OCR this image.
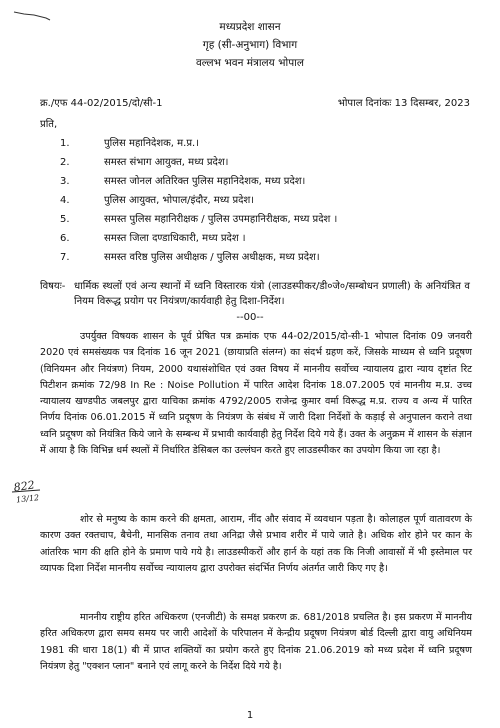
मध्यप्रदेश शासन
गृह (सी-अनुभाग) विभाग
वल्लभ भवन मंत्रालय भोपाल
क्र./एफ 44-02/2015/दो/सी-1	भोपाल दिनांकः 13 दिसम्बर, 2023
प्रति,
1.	पुलिस महानिदेशक, म.प्र.।
2.	समस्त संभाग आयुक्त, मध्य प्रदेश।
3.	समस्त जोनल अतिरिक्त पुलिस महानिदेशक, मध्य प्रदेश।
4.	पुलिस आयुक्त, भोपाल/इंदौर, मध्य प्रदेश।
5.	समस्त पुलिस महानिरीक्षक / पुलिस उपमहानिरीक्षक, मध्य प्रदेश ।
6.	समस्त जिला दण्डाधिकारी, मध्य प्रदेश ।
7.	समस्त वरिष्ठ पुलिस अधीक्षक / पुलिस अधीक्षक, मध्य प्रदेश।
विषयः- धार्मिक स्थलों एवं अन्य स्थानों में ध्वनि विस्तारक यंत्रो (लाउडस्पीकर/डी०जे०/सम्बोधन प्रणाली) के अनियंत्रित व नियम विरूद्ध प्रयोग पर नियंत्रण/कार्यवाही हेतु दिशा-निर्देश।
--00--
उपर्युक्त विषयक शासन के पूर्व प्रेषित पत्र क्रमांक एफ 44-02/2015/दो-सी-1 भोपाल दिनांक 09 जनवरी 2020 एवं समसंख्यक पत्र दिनांक 16 जून 2021 (छायाप्रति संलग्न) का संदर्भ ग्रहण करें, जिसके माध्यम से ध्वनि प्रदूषण (विनियमन और नियंत्रण) नियम, 2000 यथासंशोधित एवं उक्त विषय में माननीय सर्वोच्च न्यायालय द्वारा न्याय दृष्टांत रिट पिटीशन क्रमांक 72/98 In Re : Noise Pollution में पारित आदेश दिनांक 18.07.2005 एवं माननीय म.प्र. उच्च न्यायालय खण्डपीठ जबलपुर द्वारा याचिका क्रमांक 4792/2005 राजेन्द्र कुमार वर्मा विरूद्ध म.प्र. राज्य व अन्य में पारित निर्णय दिनांक 06.01.2015 में ध्वनि प्रदूषण के नियंत्रण के संबंध में जारी दिशा निर्देशों के कड़ाई से अनुपालन कराने तथा ध्वनि प्रदूषण को नियंत्रित किये जाने के सम्बन्ध में प्रभावी कार्यवाही हेतु निर्देश दिये गये हैं। उक्त के अनुक्रम में शासन के संज्ञान में आया है कि विभिन्न धर्म स्थलों में निर्धारित डेसिबल का उल्लंघन करते हुए लाउडस्पीकर का उपयोग किया जा रहा है।
822
13/12
शोर से मनुष्य के काम करने की क्षमता, आराम, नींद और संवाद में व्यवधान पड़ता है। कोलाहल पूर्ण वातावरण के कारण उक्त रक्तचाप, बैचेनी, मानसिक तनाव तथा अनिद्रा जैसे प्रभाव शरीर में पाये जाते है। अधिक शोर होने पर कान के आंतरिक भाग की क्षति होने के प्रमाण पाये गये है। लाउडस्पीकरों और हार्न के यहां तक कि निजी आवासों में भी इस्तेमाल पर व्यापक दिशा निर्देश माननीय सर्वोच्च न्यायालय द्वारा उपरोक्त संदर्भित निर्णय अंतर्गत जारी किए गए है।
माननीय राष्ट्रीय हरित अधिकरण (एनजीटी) के समक्ष प्रकरण क्र. 681/2018 प्रचलित है। इस प्रकरण में माननीय हरित अधिकरण द्वारा समय समय पर जारी आदेशों के परिपालन में केन्द्रीय प्रदूषण नियंत्रण बोर्ड दिल्ली द्वारा वायु अधिनियम 1981 की धारा 18(1) बी में प्राप्त शक्तियों का प्रयोग करते हुए दिनांक 21.06.2019 को मध्य प्रदेश में ध्वनि प्रदूषण नियंत्रण हेतु "एक्शन प्लान" बनाने एवं लागू करने के निर्देश दिये गये है।
1
